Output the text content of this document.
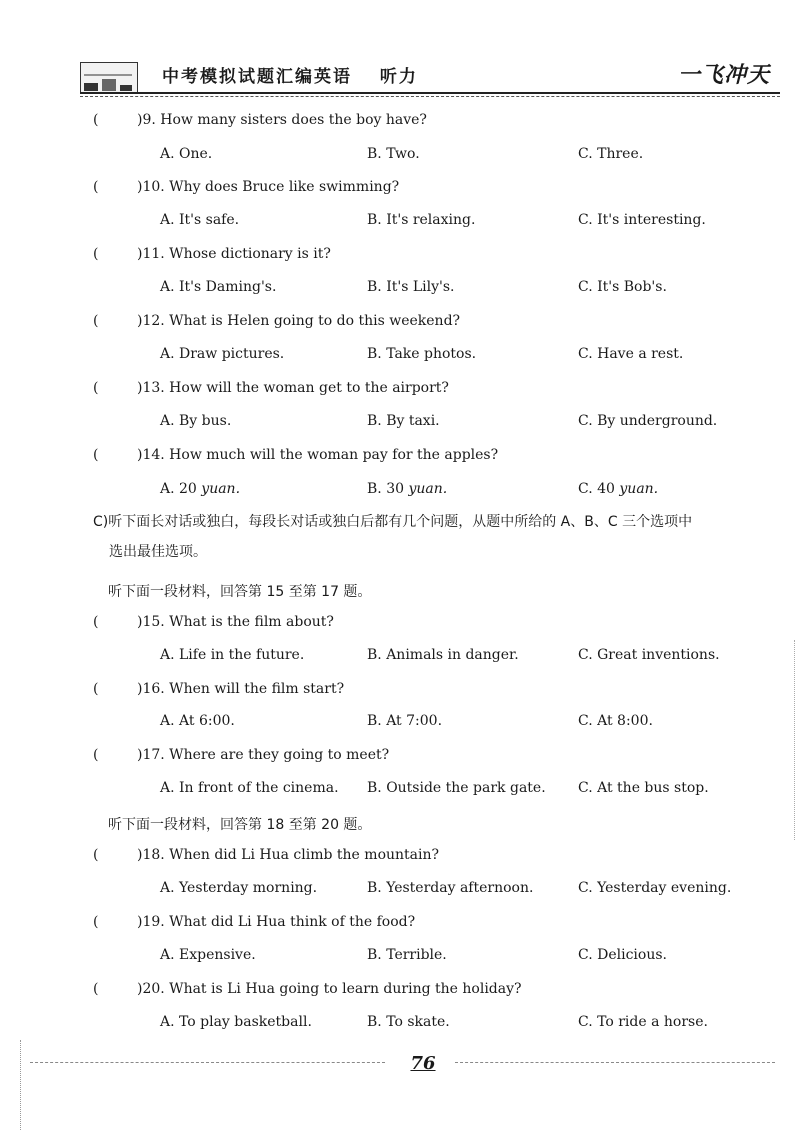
中考模拟试题汇编英语 听力	一飞冲天
(	)9. How many sisters does the boy have?
A. One.	B. Two.	C. Three.
(	)10. Why does Bruce like swimming?
A. It's safe.	B. It's relaxing.	C. It's interesting.
(	)11. Whose dictionary is it?
A. It's Daming's.	B. It's Lily's.	C. It's Bob's.
(	)12. What is Helen going to do this weekend?
A. Draw pictures.	B. Take photos.	C. Have a rest.
(	)13. How will the woman get to the airport?
A. By bus.	B. By taxi.	C. By underground.
(	)14. How much will the woman pay for the apples?
A. 20 yuan.	B. 30 yuan.	C. 40 yuan.
C)听下面长对话或独白，每段长对话或独白后都有几个问题，从题中所给的 A、B、C 三个选项中
选出最佳选项。
听下面一段材料，回答第 15 至第 17 题。
(	)15. What is the film about?
A. Life in the future.	B. Animals in danger.	C. Great inventions.
(	)16. When will the film start?
A. At 6:00.	B. At 7:00.	C. At 8:00.
(	)17. Where are they going to meet?
A. In front of the cinema. B. Outside the park gate. C. At the bus stop.
听下面一段材料，回答第 18 至第 20 题。
(	)18. When did Li Hua climb the mountain?
A. Yesterday morning.	B. Yesterday afternoon.	C. Yesterday evening.
(	)19. What did Li Hua think of the food?
A. Expensive.	B. Terrible.	C. Delicious.
(	)20. What is Li Hua going to learn during the holiday?
A. To play basketball.	B. To skate.	C. To ride a horse.
76
